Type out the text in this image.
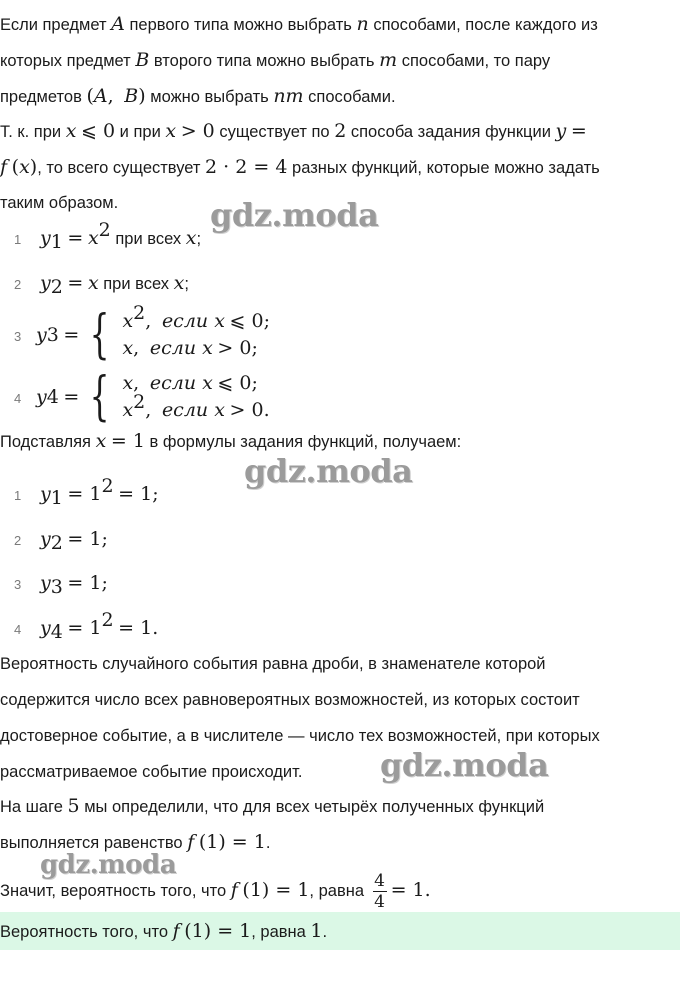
Если предмет A первого типа можно выбрать n способами, после каждого из
которых предмет B второго типа можно выбрать m способами, то пару
предметов (A,  B) можно выбрать nm способами.
Т. к. при x ⩽ 0 и при x > 0 существует по 2 способа задания функции y =
f (x), то всего существует 2 · 2 = 4 разных функций, которые можно задать
таким образом.
1 $y_1 = x^2$ при всех x;
2 $y_2 = x$ при всех x;
3 y 3
= { $x^2$,  если x ⩽ 0;
x,  если x > 0;
4 y 4
= { x,  если x ⩽ 0;
$x^2$,  если x > 0.
Подставляя x = 1 в формулы задания функций, получаем:
1 $y_1 = 1^2 = 1$;
2 $y_2 = 1$;
3 $y_3 = 1$;
4 $y_4 = 1^2 = 1$.
Вероятность случайного события равна дроби, в знаменателе которой
содержится число всех равновероятных возможностей, из которых состоит
достоверное событие, а в числителе — число тех возможностей, при которых
рассматриваемое событие происходит.
На шаге 5 мы определили, что для всех четырёх полученных функций
выполняется равенство f (1) = 1.
Значит, вероятность того, что f (1) = 1, равна $\frac{4}{4} = 1$.
Вероятность того, что f (1) = 1, равна 1.
gdz.moda
gdz.moda
gdz.moda
gdz.moda
